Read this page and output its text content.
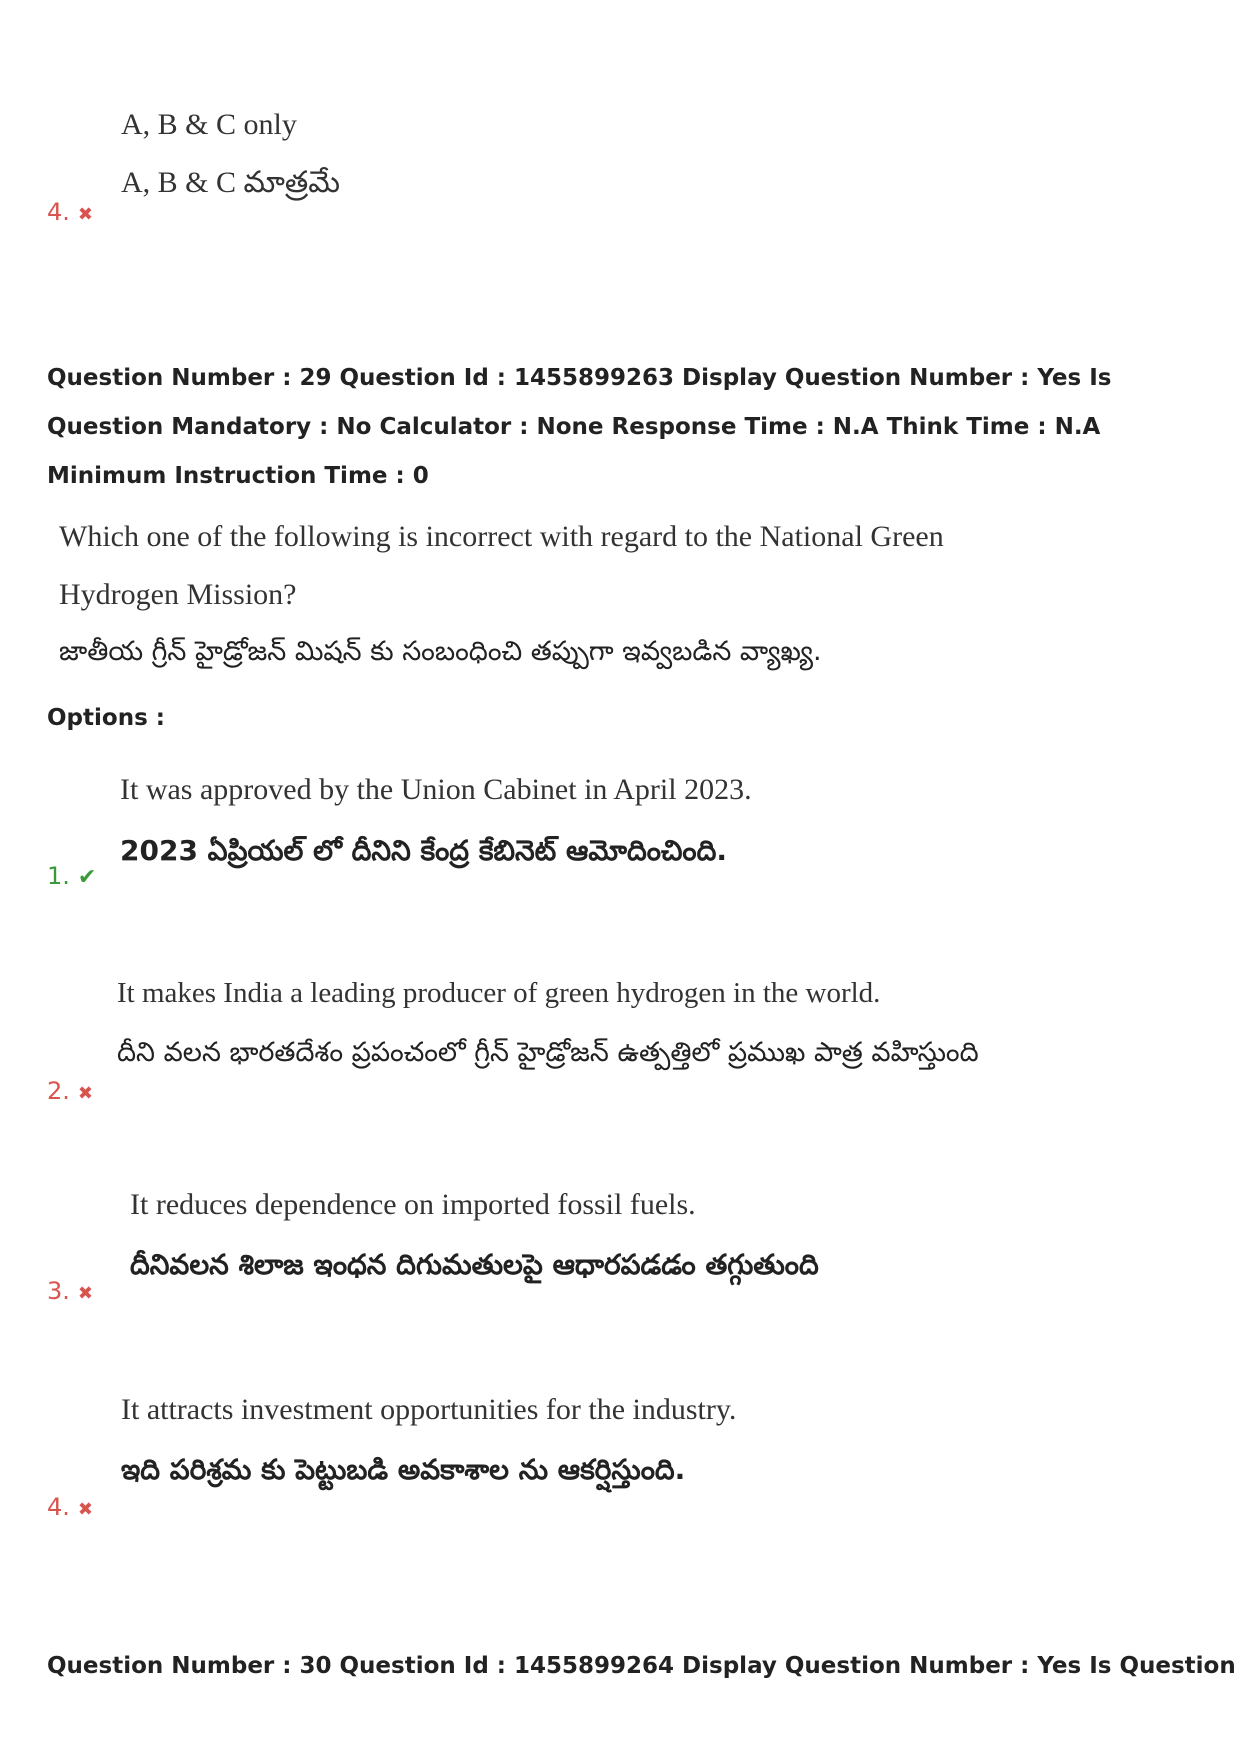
A, B & C only
A, B & C మాత్రమే
4. ✖
Question Number : 29 Question Id : 1455899263 Display Question Number : Yes Is Question Mandatory : No Calculator : None Response Time : N.A Think Time : N.A Minimum Instruction Time : 0
Which one of the following is incorrect with regard to the National Green
Hydrogen Mission?
జాతీయ గ్రీన్ హైడ్రోజన్ మిషన్ కు సంబంధించి తప్పుగా ఇవ్వబడిన వ్యాఖ్య.
Options :
It was approved by the Union Cabinet in April 2023.
2023 ఏప్రియల్ లో దీనిని కేంద్ర కేబినెట్ ఆమోదించింది.
1. ✔
It makes India a leading producer of green hydrogen in the world.
దీని వలన భారతదేశం ప్రపంచంలో గ్రీన్ హైడ్రోజన్ ఉత్పత్తిలో ప్రముఖ పాత్ర వహిస్తుంది
2. ✖
It reduces dependence on imported fossil fuels.
దీనివలన శిలాజ ఇంధన దిగుమతులపై ఆధారపడడం తగ్గుతుంది
3. ✖
It attracts investment opportunities for the industry.
ఇది పరిశ్రమ కు పెట్టుబడి అవకాశాల ను ఆకర్షిస్తుంది.
4. ✖
Question Number : 30 Question Id : 1455899264 Display Question Number : Yes Is Question
